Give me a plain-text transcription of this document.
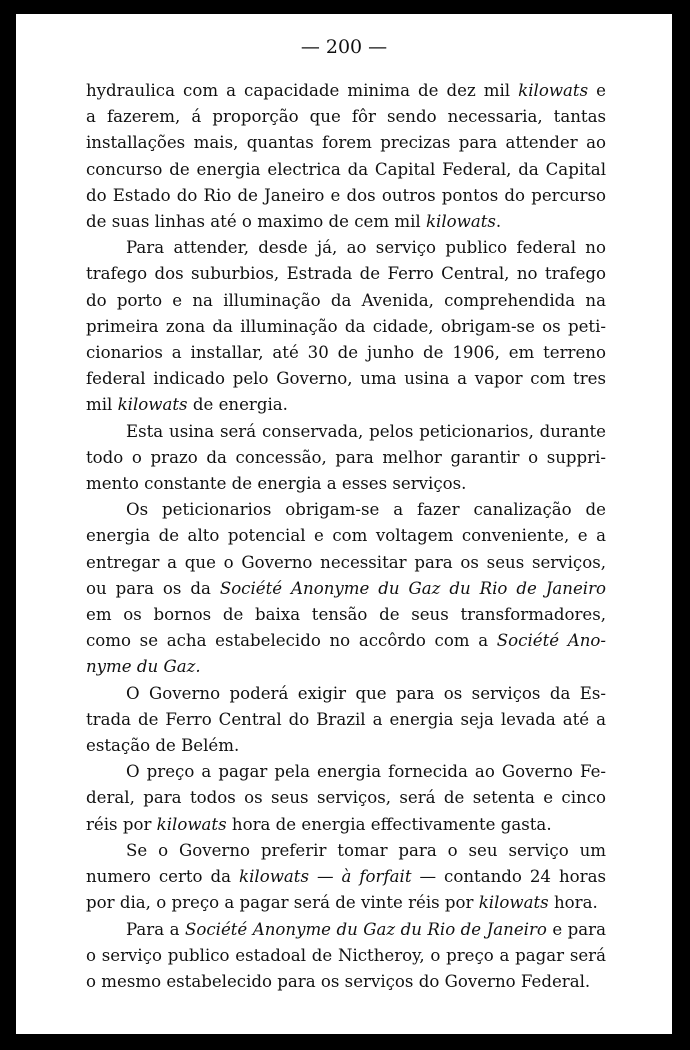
— 200 —
hydraulica com a capacidade minima de dez mil kilowats e
a fazerem, á proporção que fôr sendo necessaria, tantas
installações mais, quantas forem precizas para attender ao
concurso de energia electrica da Capital Federal, da Capital
do Estado do Rio de Janeiro e dos outros pontos do percurso
de suas linhas até o maximo de cem mil kilowats.
Para attender, desde já, ao serviço publico federal no
trafego dos suburbios, Estrada de Ferro Central, no trafego
do porto e na illuminação da Avenida, comprehendida na
primeira zona da illuminação da cidade, obrigam-se os peti-
cionarios a installar, até 30 de junho de 1906, em terreno
federal indicado pelo Governo, uma usina a vapor com tres
mil kilowats de energia.
Esta usina será conservada, pelos peticionarios, durante
todo o prazo da concessão, para melhor garantir o suppri-
mento constante de energia a esses serviços.
Os peticionarios obrigam-se a fazer canalização de
energia de alto potencial e com voltagem conveniente, e a
entregar a que o Governo necessitar para os seus serviços,
ou para os da Société Anonyme du Gaz du Rio de Janeiro
em os bornos de baixa tensão de seus transformadores,
como se acha estabelecido no accôrdo com a Société Ano-
nyme du Gaz.
O Governo poderá exigir que para os serviços da Es-
trada de Ferro Central do Brazil a energia seja levada até a
estação de Belém.
O preço a pagar pela energia fornecida ao Governo Fe-
deral, para todos os seus serviços, será de setenta e cinco
réis por kilowats hora de energia effectivamente gasta.
Se o Governo preferir tomar para o seu serviço um
numero certo da kilowats — à forfait — contando 24 horas
por dia, o preço a pagar será de vinte réis por kilowats hora.
Para a Société Anonyme du Gaz du Rio de Janeiro e para
o serviço publico estadoal de Nictheroy, o preço a pagar será
o mesmo estabelecido para os serviços do Governo Federal.
